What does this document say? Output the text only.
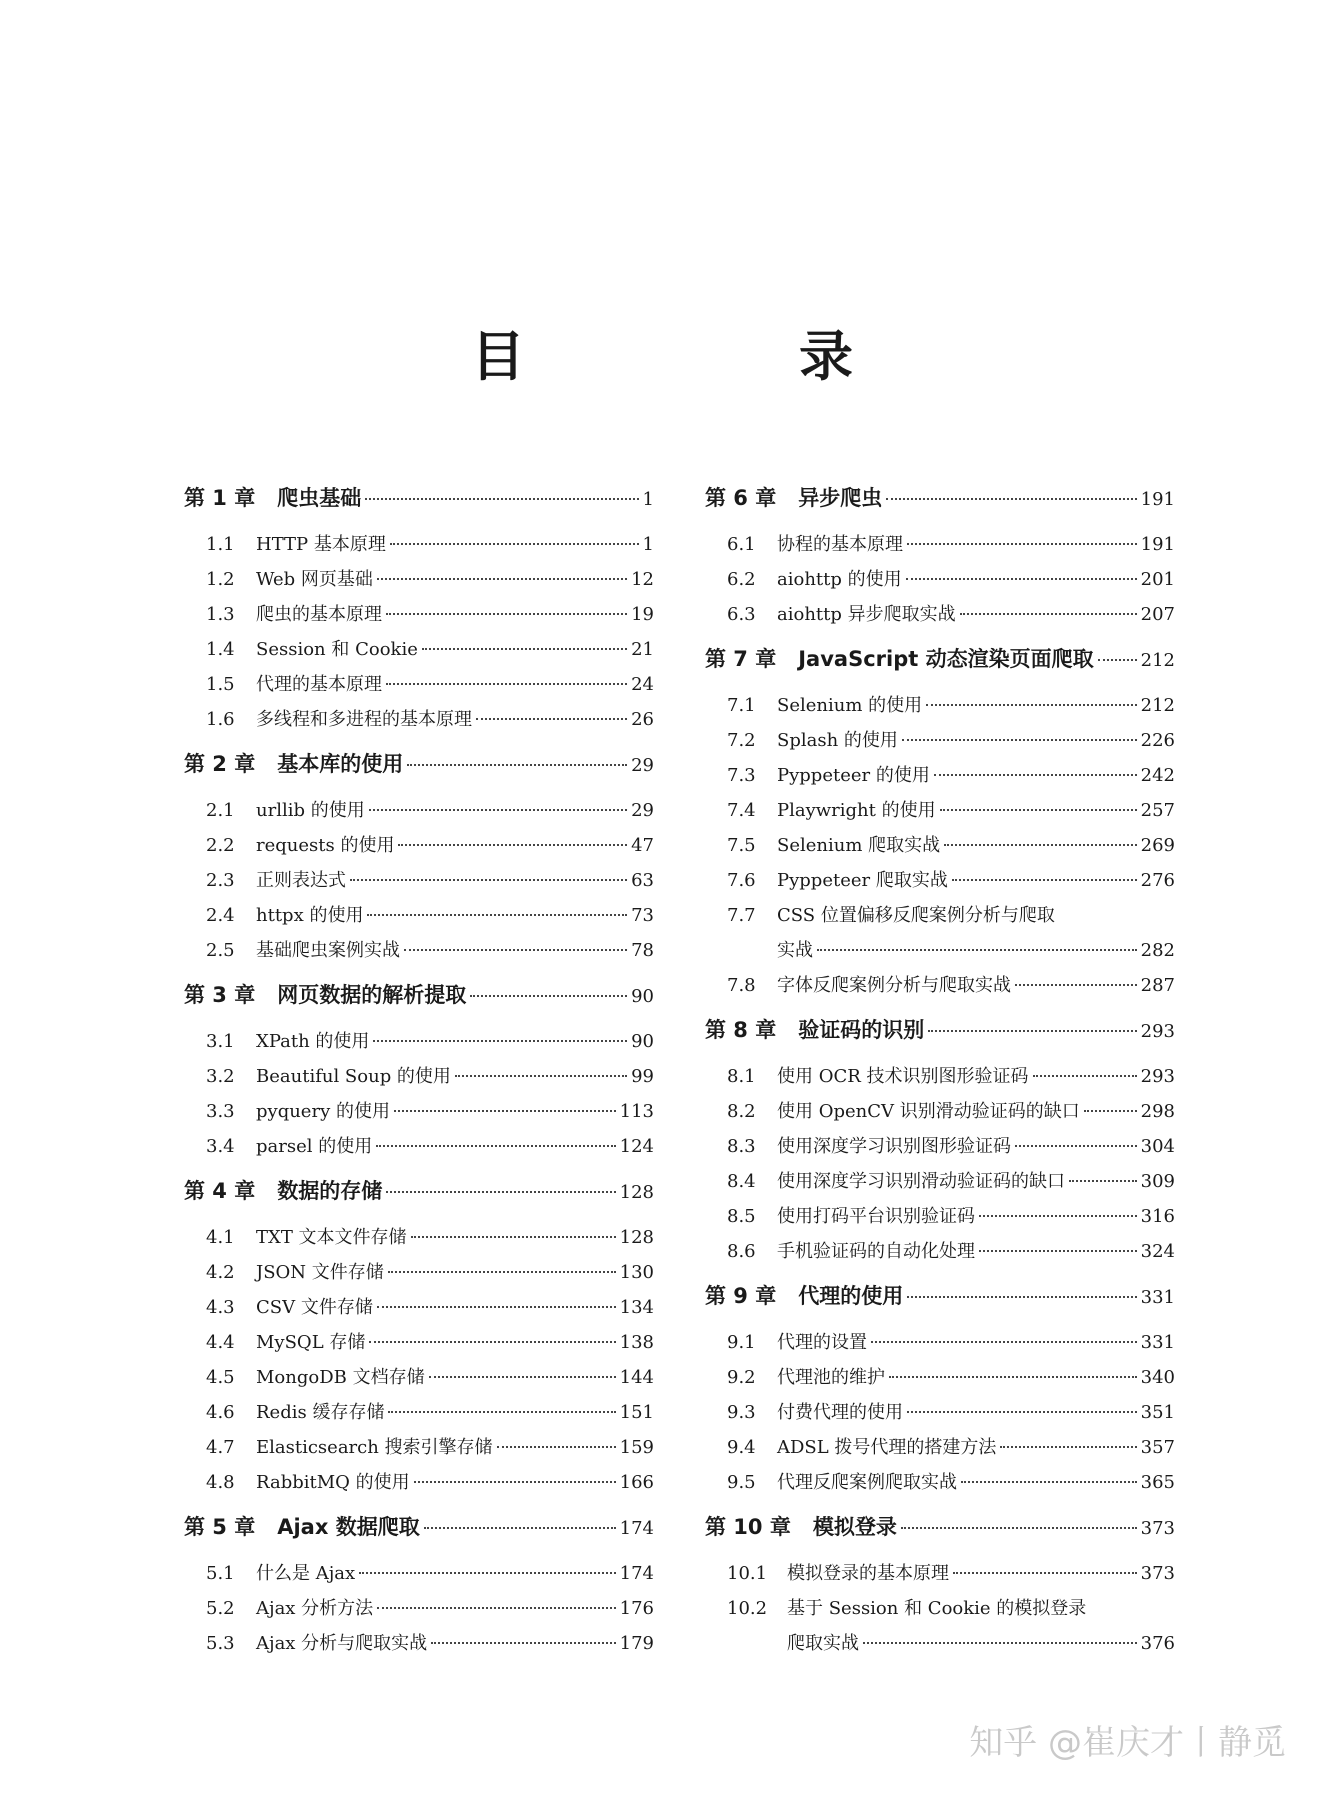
目　录
第 1 章 爬虫基础	1
1.1	HTTP 基本原理	1
1.2	Web 网页基础	12
1.3	爬虫的基本原理	19
1.4	Session 和 Cookie	21
1.5	代理的基本原理	24
1.6	多线程和多进程的基本原理	26
第 2 章 基本库的使用	29
2.1	urllib 的使用	29
2.2	requests 的使用	47
2.3	正则表达式	63
2.4	httpx 的使用	73
2.5	基础爬虫案例实战	78
第 3 章 网页数据的解析提取	90
3.1	XPath 的使用	90
3.2	Beautiful Soup 的使用	99
3.3	pyquery 的使用	113
3.4	parsel 的使用	124
第 4 章 数据的存储	128
4.1	TXT 文本文件存储	128
4.2	JSON 文件存储	130
4.3	CSV 文件存储	134
4.4	MySQL 存储	138
4.5	MongoDB 文档存储	144
4.6	Redis 缓存存储	151
4.7	Elasticsearch 搜索引擎存储	159
4.8	RabbitMQ 的使用	166
第 5 章 Ajax 数据爬取	174
5.1	什么是 Ajax	174
5.2	Ajax 分析方法	176
5.3	Ajax 分析与爬取实战	179
第 6 章 异步爬虫	191
6.1	协程的基本原理	191
6.2	aiohttp 的使用	201
6.3	aiohttp 异步爬取实战	207
第 7 章 JavaScript 动态渲染页面爬取	212
7.1	Selenium 的使用	212
7.2	Splash 的使用	226
7.3	Pyppeteer 的使用	242
7.4	Playwright 的使用	257
7.5	Selenium 爬取实战	269
7.6	Pyppeteer 爬取实战	276
7.7	CSS 位置偏移反爬案例分析与爬取
实战	282
7.8	字体反爬案例分析与爬取实战	287
第 8 章 验证码的识别	293
8.1	使用 OCR 技术识别图形验证码	293
8.2	使用 OpenCV 识别滑动验证码的缺口	298
8.3	使用深度学习识别图形验证码	304
8.4	使用深度学习识别滑动验证码的缺口	309
8.5	使用打码平台识别验证码	316
8.6	手机验证码的自动化处理	324
第 9 章 代理的使用	331
9.1	代理的设置	331
9.2	代理池的维护	340
9.3	付费代理的使用	351
9.4	ADSL 拨号代理的搭建方法	357
9.5	代理反爬案例爬取实战	365
第 10 章 模拟登录	373
10.1	模拟登录的基本原理	373
10.2	基于 Session 和 Cookie 的模拟登录
爬取实战	376
知乎 @崔庆才丨静觅
